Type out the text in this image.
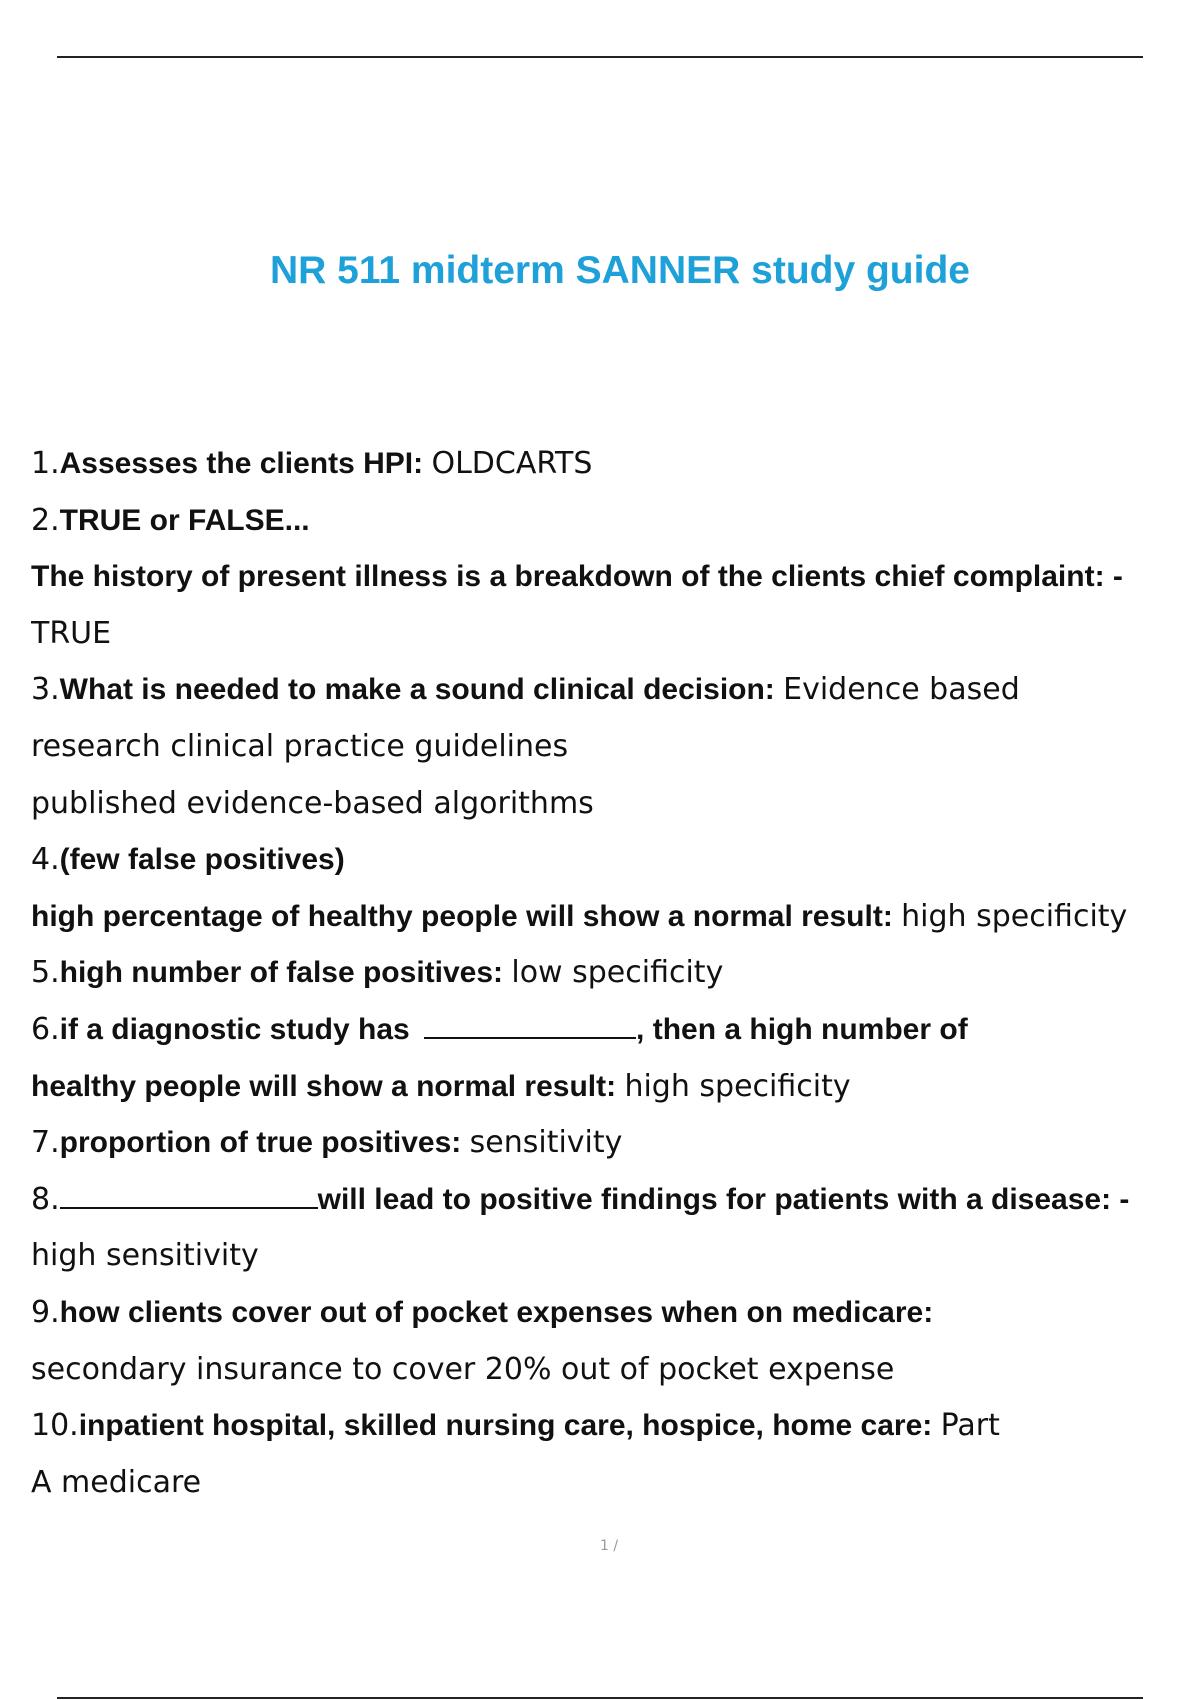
NR 511 midterm SANNER study guide
1.Assesses the clients HPI: OLDCARTS
2.TRUE or FALSE...
The history of present illness is a breakdown of the clients chief complaint: -
TRUE
3.What is needed to make a sound clinical decision: Evidence based
research clinical practice guidelines
published evidence-based algorithms
4.(few false positives)
high percentage of healthy people will show a normal result: high specificity
5.high number of false positives: low specificity
6.if a diagnostic study has	, then a high number of
healthy people will show a normal result: high specificity
7.proportion of true positives: sensitivity
8.	will lead to positive findings for patients with a disease: -
high sensitivity
9.how clients cover out of pocket expenses when on medicare:
secondary insurance to cover 20% out of pocket expense
10.inpatient hospital, skilled nursing care, hospice, home care: Part
A medicare
1 /
